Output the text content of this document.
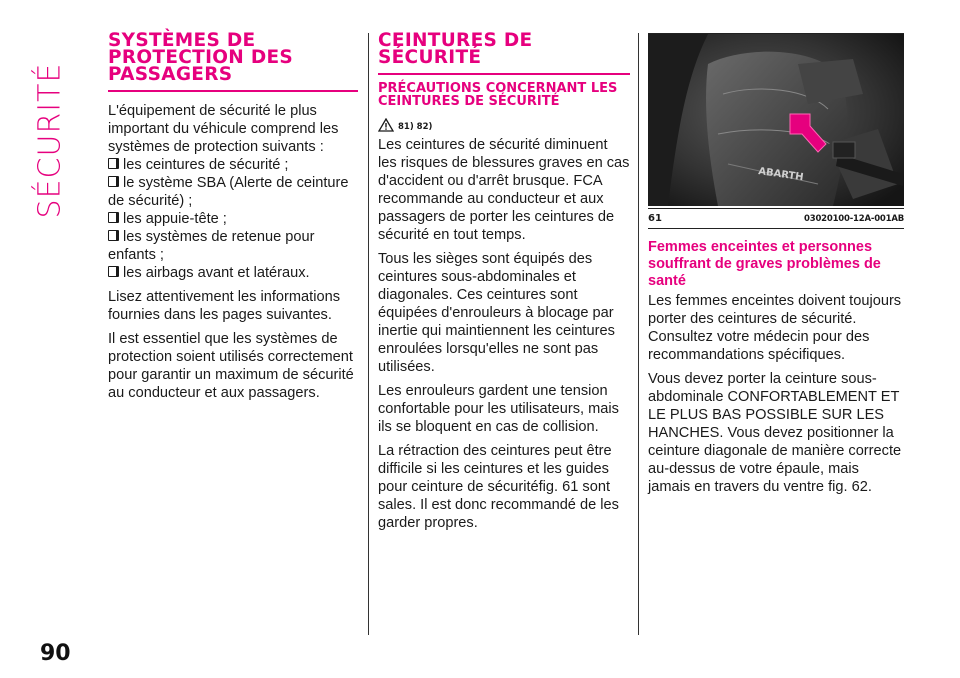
SÉCURITÉ
SYSTÈMES DE PROTECTION DES PASSAGERS

L'équipement de sécurité le plus important du véhicule comprend les systèmes de protection suivants :

les ceintures de sécurité ;
le système SBA (Alerte de ceinture de sécurité) ;
les appuie-tête ;
les systèmes de retenue pour enfants ;
les airbags avant et latéraux.

Lisez attentivement les informations fournies dans les pages suivantes.

Il est essentiel que les systèmes de protection soient utilisés correctement pour garantir un maximum de sécurité au conducteur et aux passagers.

CEINTURES DE SÉCURITÉ
PRÉCAUTIONS CONCERNANT LES CEINTURES DE SÉCURITÉ
81) 82)

Les ceintures de sécurité diminuent les risques de blessures graves en cas d'accident ou d'arrêt brusque. FCA recommande au conducteur et aux passagers de porter les ceintures de sécurité en tout temps.

Tous les sièges sont équipés des ceintures sous-abdominales et diagonales. Ces ceintures sont équipées d'enrouleurs à blocage par inertie qui maintiennent les ceintures enroulées lorsqu'elles ne sont pas utilisées.

Les enrouleurs gardent une tension confortable pour les utilisateurs, mais ils se bloquent en cas de collision.

La rétraction des ceintures peut être difficile si les ceintures et les guides pour ceinture de sécuritéfig. 61 sont sales. Il est donc recommandé de les garder propres.

ABARTH
61	03020100-12A-001AB
Femmes enceintes et personnes souffrant de graves problèmes de santé

Les femmes enceintes doivent toujours porter des ceintures de sécurité. Consultez votre médecin pour des recommandations spécifiques.

Vous devez porter la ceinture sous-abdominale CONFORTABLEMENT ET LE PLUS BAS POSSIBLE SUR LES HANCHES. Vous devez positionner la ceinture diagonale de manière correcte au-dessus de votre épaule, mais jamais en travers du ventre fig. 62.

90
